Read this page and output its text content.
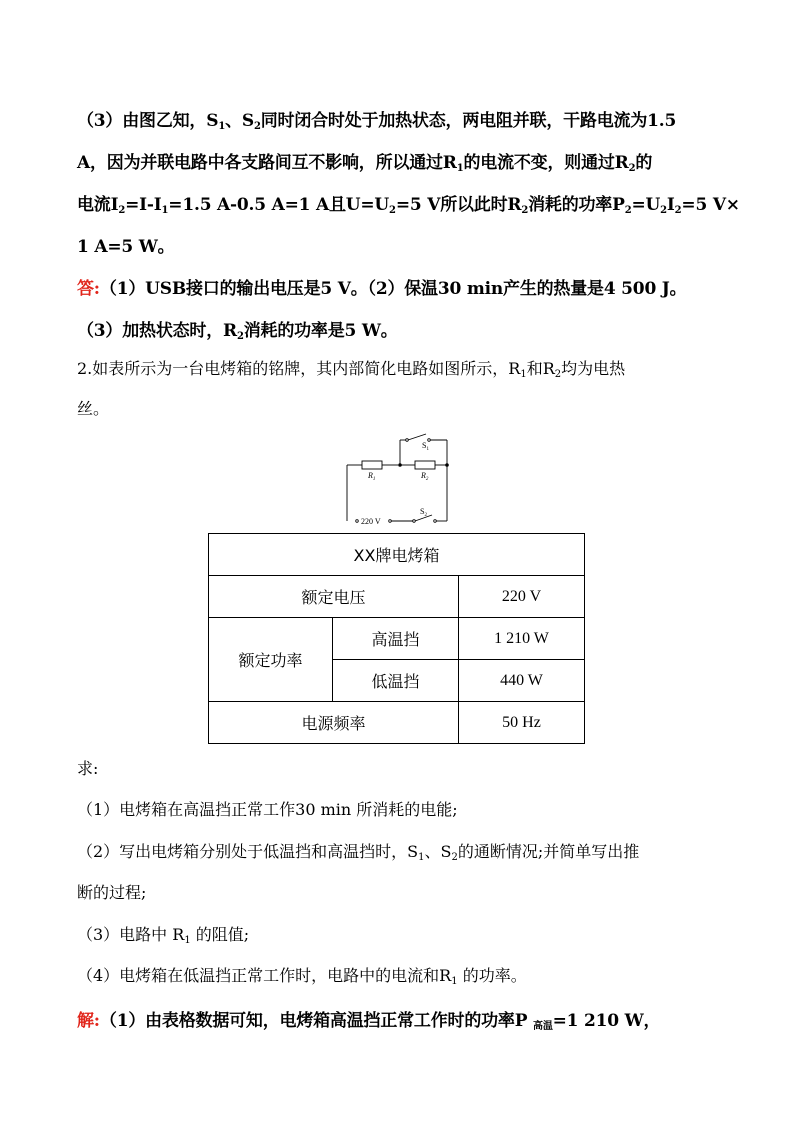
（3）由图乙知，$S_1$、$S_2$同时闭合时处于加热状态，两电阻并联，干路电流为1.5
A，因为并联电路中各支路间互不影响，所以通过$R_1$的电流不变，则通过$R_2$的
电流$I_2=I-I_1=1.5$ A-0.5 A=1 A且$U=U_2=5$ V所以此时$R_2$消耗的功率$P_2=U_2I_2=5$ V×
1 A=5 W。
答:（1）USB接口的输出电压是5 V。（2）保温30 min产生的热量是4 500 J。
（3）加热状态时，$R_2$消耗的功率是5 W。
2.如表所示为一台电烤箱的铭牌，其内部简化电路如图所示，$R_1$和$R_2$均为电热
丝。
$R_1$	$R_2$
$S_1$
$S_2$
220 V
XX牌电烤箱		
额定电压		220 V
额定功率	高温挡	1 210 W
	低温挡	440 W
电源频率		50 Hz
求:
（1）电烤箱在高温挡正常工作30 min 所消耗的电能;
（2）写出电烤箱分别处于低温挡和高温挡时，$S_1$、$S_2$的通断情况;并简单写出推
断的过程;
（3）电路中 $R_1$ 的阻值;
（4）电烤箱在低温挡正常工作时，电路中的电流和$R_1$ 的功率。
解:（1）由表格数据可知，电烤箱高温挡正常工作时的功率P $_{高温}$=1 210 W，
